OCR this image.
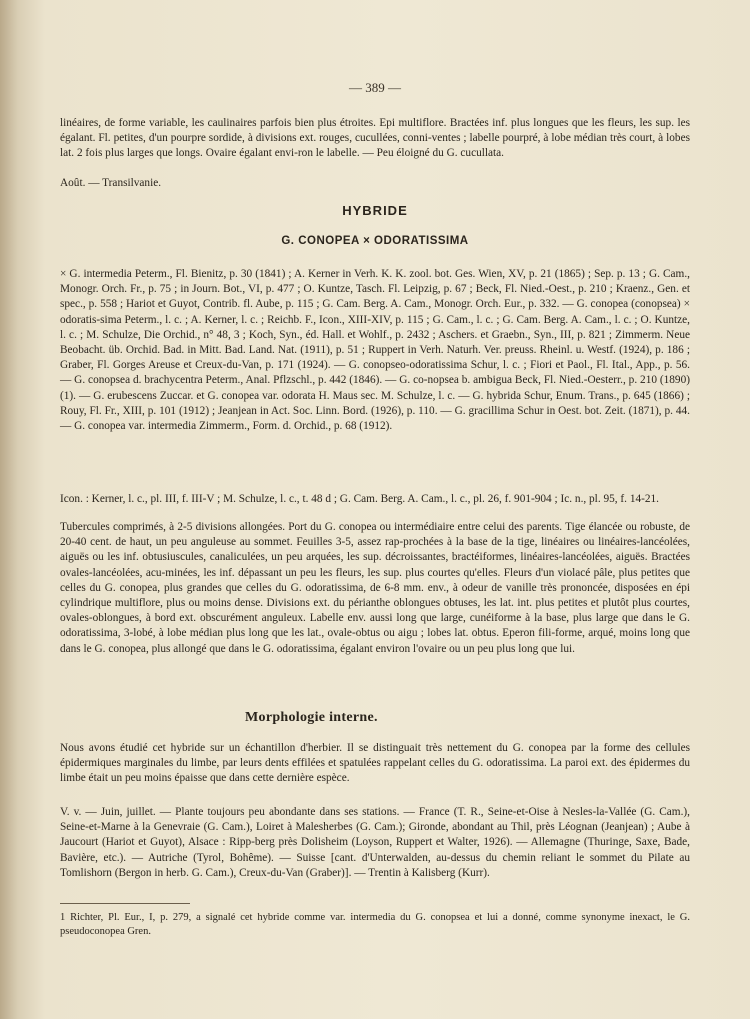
— 389 —
linéaires, de forme variable, les caulinaires parfois bien plus étroites. Epi multiflore. Bractées inf. plus longues que les fleurs, les sup. les égalant. Fl. petites, d'un pourpre sordide, à divisions ext. rouges, cucullées, conni-ventes ; labelle pourpré, à lobe médian très court, à lobes lat. 2 fois plus larges que longs. Ovaire égalant envi-ron le labelle. — Peu éloigné du G. cucullata.
Août. — Transilvanie.
HYBRIDE
G. CONOPEA × ODORATISSIMA
× G. intermedia Peterm., Fl. Bienitz, p. 30 (1841) ; A. Kerner in Verh. K. K. zool. bot. Ges. Wien, XV, p. 21 (1865) ; Sep. p. 13 ; G. Cam., Monogr. Orch. Fr., p. 75 ; in Journ. Bot., VI, p. 477 ; O. Kuntze, Tasch. Fl. Leipzig, p. 67 ; Beck, Fl. Nied.-Oest., p. 210 ; Kraenz., Gen. et spec., p. 558 ; Hariot et Guyot, Contrib. fl. Aube, p. 115 ; G. Cam. Berg. A. Cam., Monogr. Orch. Eur., p. 332. — G. conopea (conopsea) × odoratis-sima Peterm., l. c. ; A. Kerner, l. c. ; Reichb. F., Icon., XIII-XIV, p. 115 ; G. Cam., l. c. ; G. Cam. Berg. A. Cam., l. c. ; O. Kuntze, l. c. ; M. Schulze, Die Orchid., n° 48, 3 ; Koch, Syn., éd. Hall. et Wohlf., p. 2432 ; Aschers. et Graebn., Syn., III, p. 821 ; Zimmerm. Neue Beobacht. üb. Orchid. Bad. in Mitt. Bad. Land. Nat. (1911), p. 51 ; Ruppert in Verh. Naturh. Ver. preuss. Rheinl. u. Westf. (1924), p. 186 ; Graber, Fl. Gorges Areuse et Creux-du-Van, p. 171 (1924). — G. conopseo-odoratissima Schur, l. c. ; Fiori et Paol., Fl. Ital., App., p. 56. — G. conopsea d. brachycentra Peterm., Anal. Pflzschl., p. 442 (1846). — G. co-nopsea b. ambigua Beck, Fl. Nied.-Oesterr., p. 210 (1890) (1). — G. erubescens Zuccar. et G. conopea var. odorata H. Maus sec. M. Schulze, l. c. — G. hybrida Schur, Enum. Trans., p. 645 (1866) ; Rouy, Fl. Fr., XIII, p. 101 (1912) ; Jeanjean in Act. Soc. Linn. Bord. (1926), p. 110. — G. gracillima Schur in Oest. bot. Zeit. (1871), p. 44. — G. conopea var. intermedia Zimmerm., Form. d. Orchid., p. 68 (1912).
Icon. : Kerner, l. c., pl. III, f. III-V ; M. Schulze, l. c., t. 48 d ; G. Cam. Berg. A. Cam., l. c., pl. 26, f. 901-904 ; Ic. n., pl. 95, f. 14-21.
Tubercules comprimés, à 2-5 divisions allongées. Port du G. conopea ou intermédiaire entre celui des parents. Tige élancée ou robuste, de 20-40 cent. de haut, un peu anguleuse au sommet. Feuilles 3-5, assez rap-prochées à la base de la tige, linéaires ou linéaires-lancéolées, aiguës ou les inf. obtusiuscules, canaliculées, un peu arquées, les sup. décroissantes, bractéiformes, linéaires-lancéolées, aiguës. Bractées ovales-lancéolées, acu-minées, les inf. dépassant un peu les fleurs, les sup. plus courtes qu'elles. Fleurs d'un violacé pâle, plus petites que celles du G. conopea, plus grandes que celles du G. odoratissima, de 6-8 mm. env., à odeur de vanille très prononcée, disposées en épi cylindrique multiflore, plus ou moins dense. Divisions ext. du périanthe oblongues obtuses, les lat. int. plus petites et plutôt plus courtes, ovales-oblongues, à bord ext. obscurément anguleux. Labelle env. aussi long que large, cunéiforme à la base, plus large que dans le G. odoratissima, 3-lobé, à lobe médian plus long que les lat., ovale-obtus ou aigu ; lobes lat. obtus. Eperon fili-forme, arqué, moins long que dans le G. conopea, plus allongé que dans le G. odoratissima, égalant environ l'ovaire ou un peu plus long que lui.
Morphologie interne.
Nous avons étudié cet hybride sur un échantillon d'herbier. Il se distinguait très nettement du G. conopea par la forme des cellules épidermiques marginales du limbe, par leurs dents effilées et spatulées rappelant celles du G. odoratissima. La paroi ext. des épidermes du limbe était un peu moins épaisse que dans cette dernière espèce.
V. v. — Juin, juillet. — Plante toujours peu abondante dans ses stations. — France (T. R., Seine-et-Oise à Nesles-la-Vallée (G. Cam.), Seine-et-Marne à la Genevraie (G. Cam.), Loiret à Malesherbes (G. Cam.); Gironde, abondant au Thil, près Léognan (Jeanjean) ; Aube à Jaucourt (Hariot et Guyot), Alsace : Ripp-berg près Dolisheim (Loyson, Ruppert et Walter, 1926). — Allemagne (Thuringe, Saxe, Bade, Bavière, etc.). — Autriche (Tyrol, Bohême). — Suisse [cant. d'Unterwalden, au-dessus du chemin reliant le sommet du Pilate au Tomlishorn (Bergon in herb. G. Cam.), Creux-du-Van (Graber)]. — Trentin à Kalisberg (Kurr).
1 Richter, Pl. Eur., I, p. 279, a signalé cet hybride comme var. intermedia du G. conopsea et lui a donné, comme synonyme inexact, le G. pseudoconopea Gren.
